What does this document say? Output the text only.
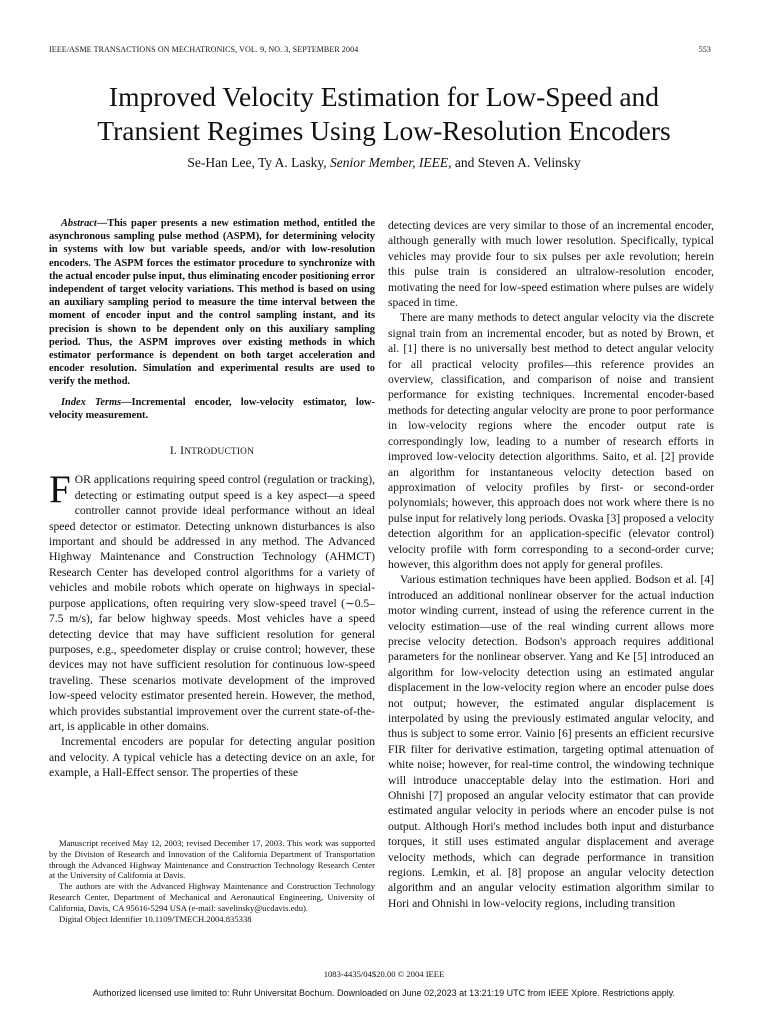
IEEE/ASME TRANSACTIONS ON MECHATRONICS, VOL. 9, NO. 3, SEPTEMBER 2004	553
Improved Velocity Estimation for Low-Speed and
Transient Regimes Using Low-Resolution Encoders
Se-Han Lee, Ty A. Lasky, Senior Member, IEEE, and Steven A. Velinsky

Abstract—This paper presents a new estimation method, entitled the asynchronous sampling pulse method (ASPM), for determining velocity in systems with low but variable speeds, and/or with low-resolution encoders. The ASPM forces the estimator procedure to synchronize with the actual encoder pulse input, thus eliminating encoder positioning error independent of target velocity variations. This method is based on using an auxiliary sampling period to measure the time interval between the moment of encoder input and the control sampling instant, and its precision is shown to be dependent only on this auxiliary sampling period. Thus, the ASPM improves over existing methods in which estimator performance is dependent on both target acceleration and encoder resolution. Simulation and experimental results are used to verify the method.

Index Terms—Incremental encoder, low-velocity estimator, low-velocity measurement.

I. INTRODUCTION

FOR applications requiring speed control (regulation or tracking), detecting or estimating output speed is a key aspect—a speed controller cannot provide ideal performance without an ideal speed detector or estimator. Detecting unknown disturbances is also important and should be addressed in any method. The Advanced Highway Maintenance and Construction Technology (AHMCT) Research Center has developed control algorithms for a variety of vehicles and mobile robots which operate on highways in special-purpose applications, often requiring very slow-speed travel (∼0.5–7.5 m/s), far below highway speeds. Most vehicles have a speed detecting device that may have sufficient resolution for general purposes, e.g., speedometer display or cruise control; however, these devices may not have sufficient resolution for continuous low-speed traveling. These scenarios motivate development of the improved low-speed velocity estimator presented herein. However, the method, which provides substantial improvement over the current state-of-the-art, is applicable in other domains.

Incremental encoders are popular for detecting angular position and velocity. A typical vehicle has a detecting device on an axle, for example, a Hall-Effect sensor. The properties of these

Manuscript received May 12, 2003; revised December 17, 2003. This work was supported by the Division of Research and Innovation of the California Department of Transportation through the Advanced Highway Maintenance and Construction Technology Research Center at the University of California at Davis.

The authors are with the Advanced Highway Maintenance and Construction Technology Research Center, Department of Mechanical and Aeronautical Engineering, University of California, Davis, CA 95616-5294 USA (e-mail: savelinsky@ucdavis.edu).

Digital Object Identifier 10.1109/TMECH.2004.835338

detecting devices are very similar to those of an incremental encoder, although generally with much lower resolution. Specifically, typical vehicles may provide four to six pulses per axle revolution; herein this pulse train is considered an ultralow-resolution encoder, motivating the need for low-speed estimation where pulses are widely spaced in time.

There are many methods to detect angular velocity via the discrete signal train from an incremental encoder, but as noted by Brown, et al. [1] there is no universally best method to detect angular velocity for all practical velocity profiles—this reference provides an overview, classification, and comparison of noise and transient performance for existing techniques. Incremental encoder-based methods for detecting angular velocity are prone to poor performance in low-velocity regions where the encoder output rate is correspondingly low, leading to a number of research efforts in improved low-velocity detection algorithms. Saito, et al. [2] provide an algorithm for instantaneous velocity detection based on approximation of velocity profiles by first- or second-order polynomials; however, this approach does not work where there is no pulse input for relatively long periods. Ovaska [3] proposed a velocity detection algorithm for an application-specific (elevator control) velocity profile with form corresponding to a second-order curve; however, this algorithm does not apply for general profiles.

Various estimation techniques have been applied. Bodson et al. [4] introduced an additional nonlinear observer for the actual induction motor winding current, instead of using the reference current in the velocity estimation—use of the real winding current allows more precise velocity detection. Bodson's approach requires additional parameters for the nonlinear observer. Yang and Ke [5] introduced an algorithm for low-velocity detection using an estimated angular displacement in the low-velocity region where an encoder pulse does not output; however, the estimated angular displacement is interpolated by using the previously estimated angular velocity, and thus is subject to some error. Vainio [6] presents an efficient recursive FIR filter for derivative estimation, targeting optimal attenuation of white noise; however, for real-time control, the windowing technique will introduce unacceptable delay into the estimation. Hori and Ohnishi [7] proposed an angular velocity estimator that can provide estimated angular velocity in periods where an encoder pulse is not output. Although Hori's method includes both input and disturbance torques, it still uses estimated angular displacement and average velocity methods, which can degrade performance in transition regions. Lemkin, et al. [8] propose an angular velocity detection algorithm and an angular velocity estimation algorithm similar to Hori and Ohnishi in low-velocity regions, including transition

1083-4435/04$20.00 © 2004 IEEE
Authorized licensed use limited to: Ruhr Universitat Bochum. Downloaded on June 02,2023 at 13:21:19 UTC from IEEE Xplore. Restrictions apply.
